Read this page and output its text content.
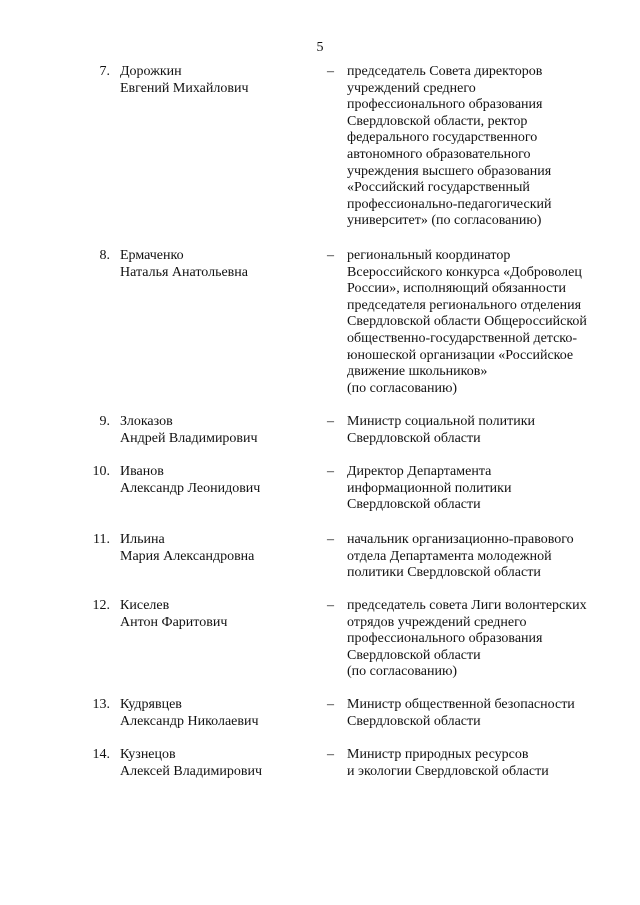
5
7. Дорожкин
Евгений Михайлович
– председатель Совета директоров
учреждений среднего
профессионального образования
Свердловской области, ректор
федерального государственного
автономного образовательного
учреждения высшего образования
«Российский государственный
профессионально-педагогический
университет» (по согласованию)
8. Ермаченко
Наталья Анатольевна
– региональный координатор
Всероссийского конкурса «Доброволец
России», исполняющий обязанности
председателя регионального отделения
Свердловской области Общероссийской
общественно-государственной детско-
юношеской организации «Российское
движение школьников»
(по согласованию)
9. Злоказов
Андрей Владимирович
– Министр социальной политики
Свердловской области
10. Иванов
Александр Леонидович
– Директор Департамента
информационной политики
Свердловской области
11. Ильина
Мария Александровна
– начальник организационно-правового
отдела Департамента молодежной
политики Свердловской области
12. Киселев
Антон Фаритович
– председатель совета Лиги волонтерских
отрядов учреждений среднего
профессионального образования
Свердловской области
(по согласованию)
13. Кудрявцев
Александр Николаевич
– Министр общественной безопасности
Свердловской области
14. Кузнецов
Алексей Владимирович
– Министр природных ресурсов
и экологии Свердловской области
